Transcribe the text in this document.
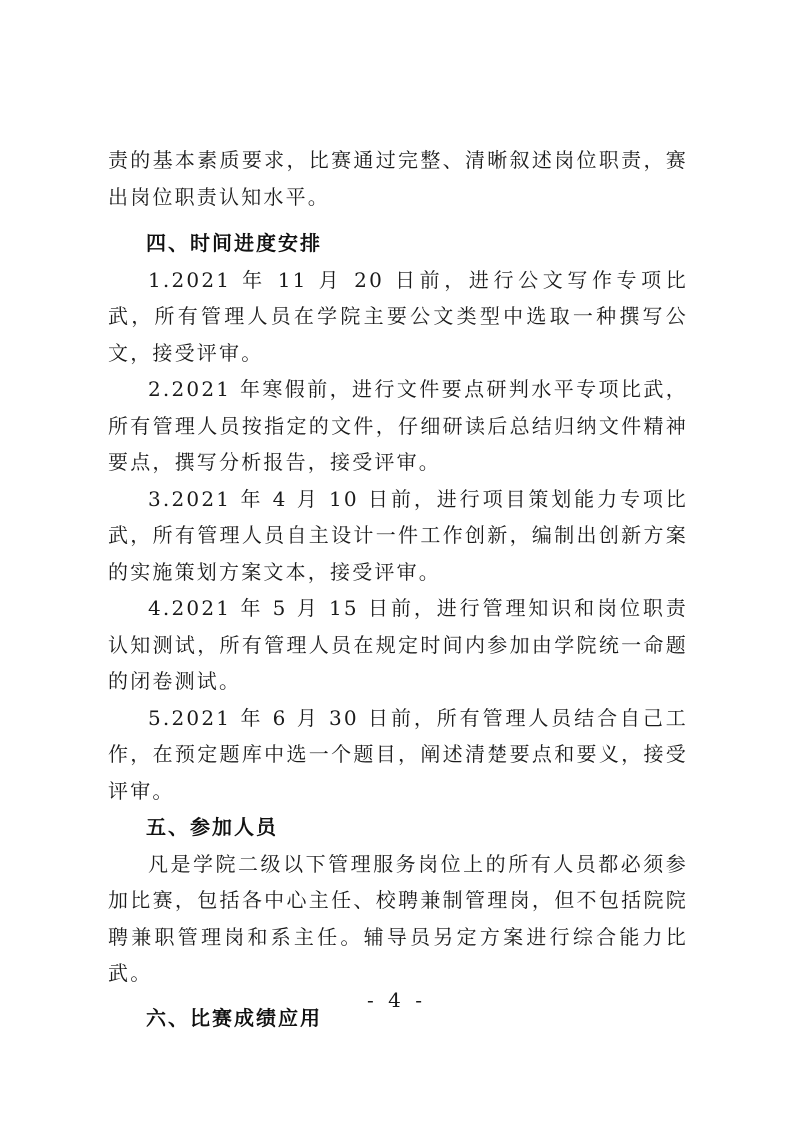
责的基本素质要求，比赛通过完整、清晰叙述岗位职责，赛出岗位职责认知水平。

四、时间进度安排

1.2021 年 11 月 20 日前，进行公文写作专项比武，所有管理人员在学院主要公文类型中选取一种撰写公文，接受评审。

2.2021 年寒假前，进行文件要点研判水平专项比武，所有管理人员按指定的文件，仔细研读后总结归纳文件精神要点，撰写分析报告，接受评审。

3.2021 年 4 月 10 日前，进行项目策划能力专项比武，所有管理人员自主设计一件工作创新，编制出创新方案的实施策划方案文本，接受评审。

4.2021 年 5 月 15 日前，进行管理知识和岗位职责认知测试，所有管理人员在规定时间内参加由学院统一命题的闭卷测试。

5.2021 年 6 月 30 日前，所有管理人员结合自己工作，在预定题库中选一个题目，阐述清楚要点和要义，接受评审。

五、参加人员

凡是学院二级以下管理服务岗位上的所有人员都必须参加比赛，包括各中心主任、校聘兼制管理岗，但不包括院院聘兼职管理岗和系主任。辅导员另定方案进行综合能力比武。

六、比赛成绩应用

- 4 -
